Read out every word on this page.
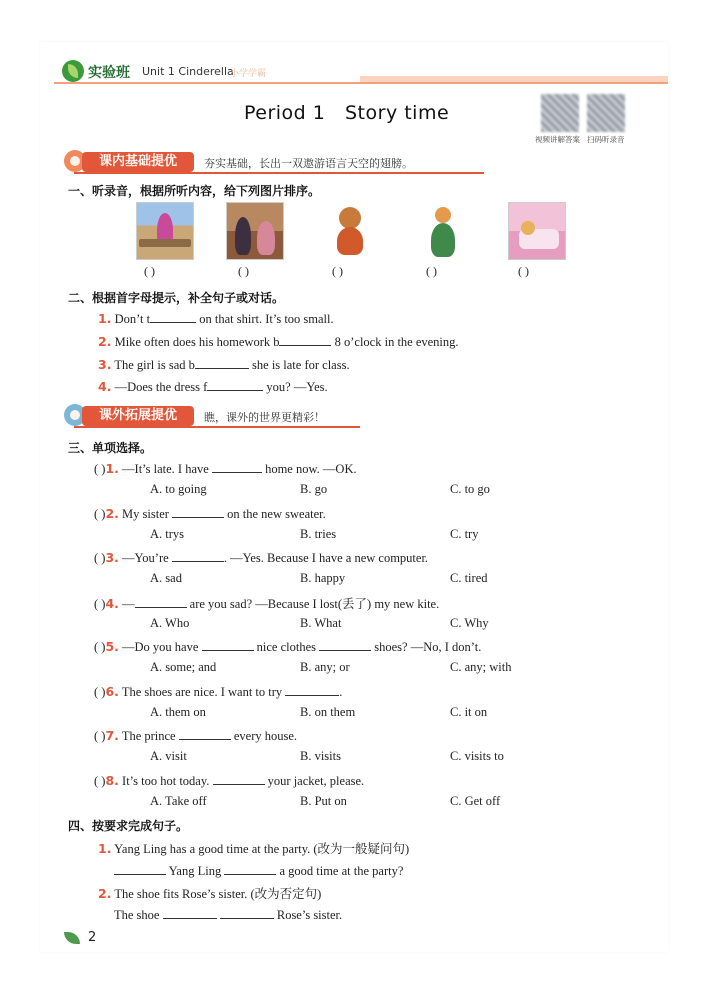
实验班 Unit 1 Cinderella
小学学霸
Period 1   Story time
视频讲解答案 扫码听录音
课内基础提优	夯实基础，长出一双遨游语言天空的翅膀。
一、听录音，根据所听内容，给下列图片排序。
( )	( )	( )	( )	( )
二、根据首字母提示，补全句子或对话。
1. Don’t t	on that shirt. It’s too small.
2. Mike often does his homework b	8 o’clock in the evening.
3. The girl is sad b	she is late for class.
4. —Does the dress f	you? —Yes.
课外拓展提优	瞧，课外的世界更精彩！
三、单项选择。
( )1. —It’s late. I have	home now. —OK.
A. to going	B. go	C. to go
( )2. My sister	on the new sweater.
A. trys	B. tries	C. try
( )3. —You’re	. —Yes. Because I have a new computer.
A. sad	B. happy	C. tired
( )4. —	are you sad? —Because I lost(丢了) my new kite.
A. Who	B. What	C. Why
( )5. —Do you have	nice clothes	shoes? —No, I don’t.
A. some; and	B. any; or	C. any; with
( )6. The shoes are nice. I want to try	.
A. them on	B. on them	C. it on
( )7. The prince	every house.
A. visit	B. visits	C. visits to
( )8. It’s too hot today.	your jacket, please.
A. Take off	B. Put on	C. Get off
四、按要求完成句子。
1. Yang Ling has a good time at the party. (改为一般疑问句)
Yang Ling	a good time at the party?
2. The shoe fits Rose’s sister. (改为否定句)
The shoe	Rose’s sister.
2
